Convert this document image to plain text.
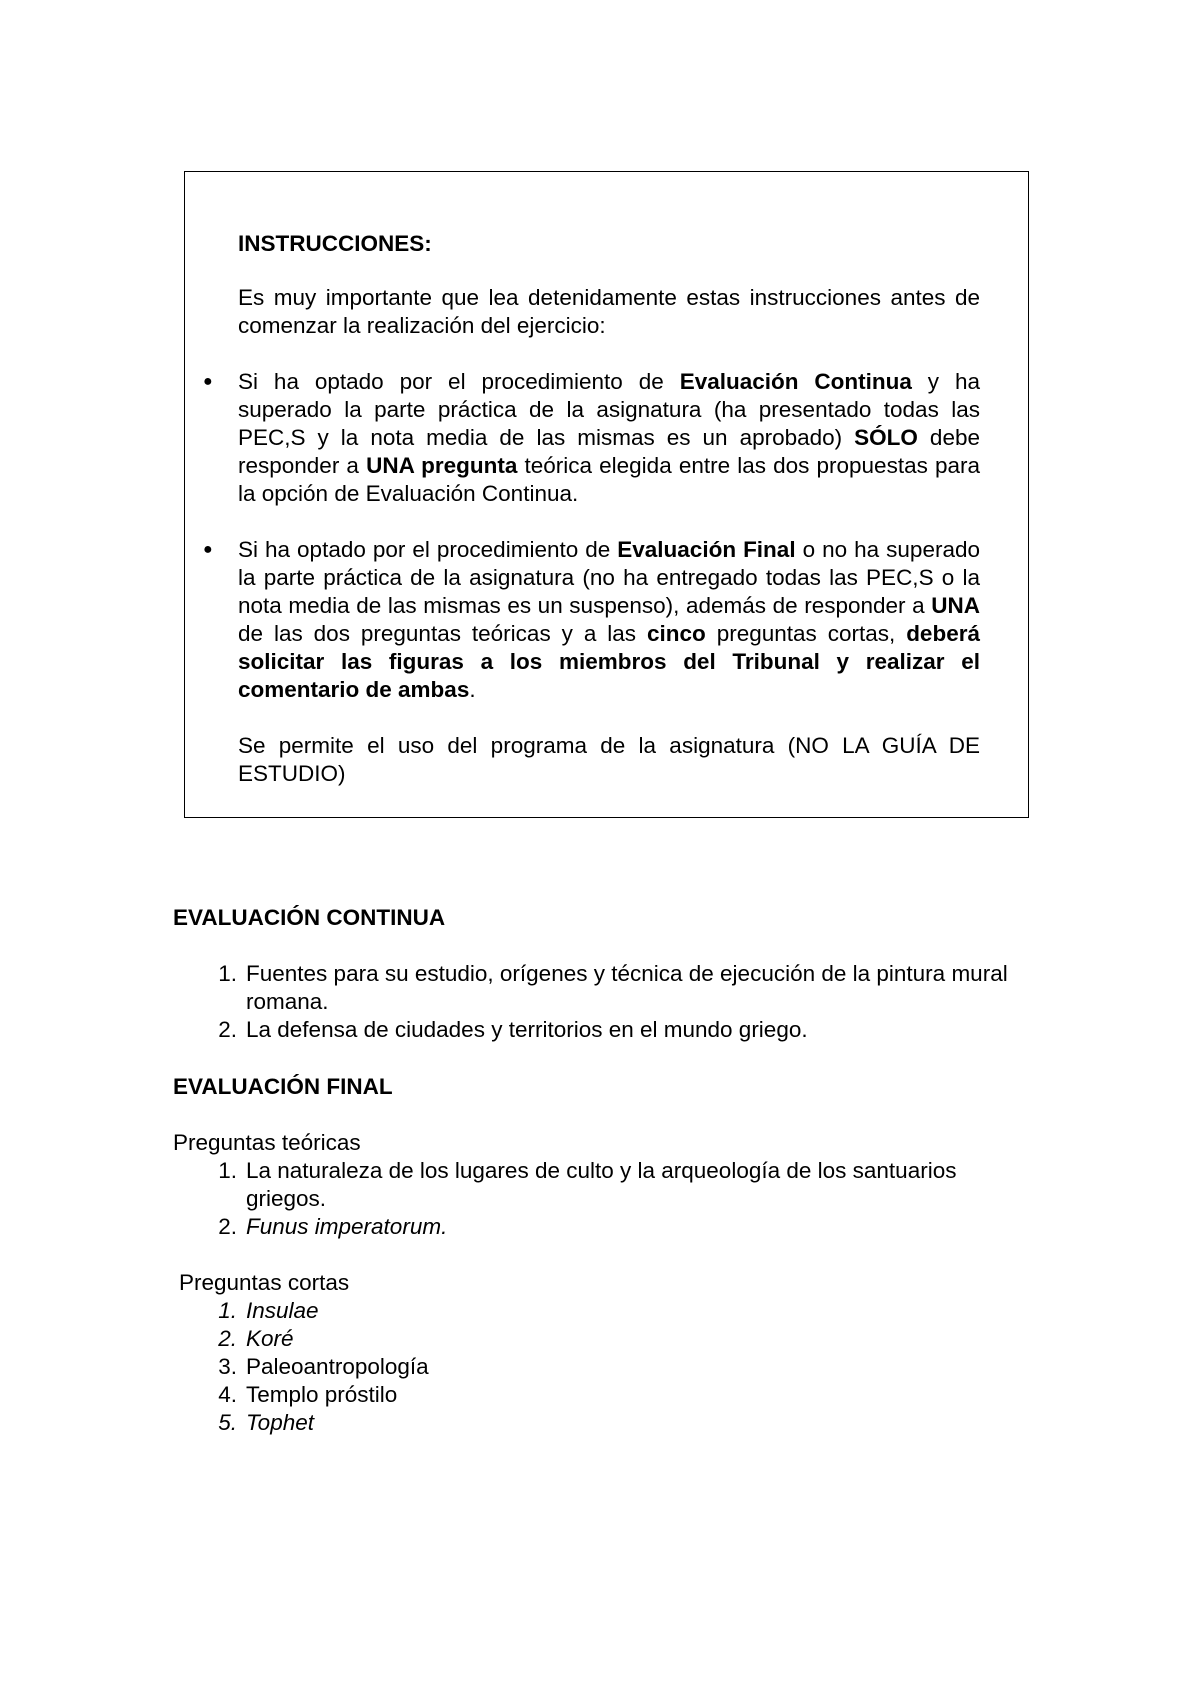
INSTRUCCIONES:

Es muy importante que lea detenidamente estas instrucciones antes de comenzar la realización del ejercicio:

● Si ha optado por el procedimiento de Evaluación Continua y ha superado la parte práctica de la asignatura (ha presentado todas las PEC,S y la nota media de las mismas es un aprobado) SÓLO debe responder a UNA pregunta teórica elegida entre las dos propuestas para la opción de Evaluación Continua.
● Si ha optado por el procedimiento de Evaluación Final o no ha superado la parte práctica de la asignatura (no ha entregado todas las PEC,S o la nota media de las mismas es un suspenso), además de responder a UNA de las dos preguntas teóricas y a las cinco preguntas cortas, deberá solicitar las figuras a los miembros del Tribunal y realizar el comentario de ambas.

Se permite el uso del programa de la asignatura (NO LA GUÍA DE ESTUDIO)

EVALUACIÓN CONTINUA

1. Fuentes para su estudio, orígenes y técnica de ejecución de la pintura mural romana.
2. La defensa de ciudades y territorios en el mundo griego.

EVALUACIÓN FINAL

Preguntas teóricas

1. La naturaleza de los lugares de culto y la arqueología de los santuarios griegos.
2. Funus imperatorum.

Preguntas cortas

1. Insulae
2. Koré
3. Paleoantropología
4. Templo próstilo
5. Tophet
